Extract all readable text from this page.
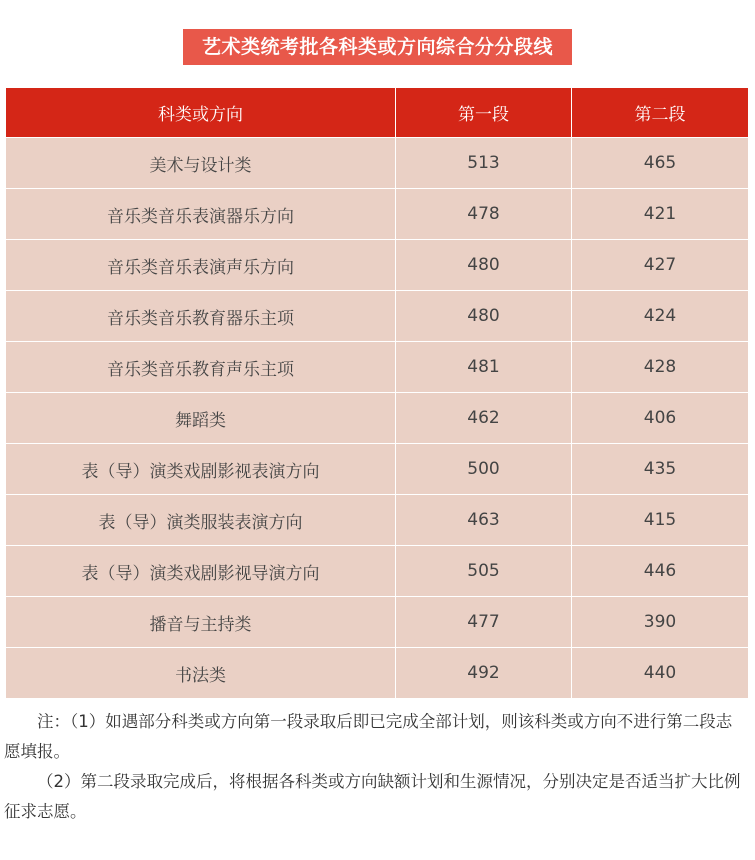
艺术类统考批各科类或方向综合分分段线
科类或方向	第一段	第二段
美术与设计类	513	465
音乐类音乐表演器乐方向	478	421
音乐类音乐表演声乐方向	480	427
音乐类音乐教育器乐主项	480	424
音乐类音乐教育声乐主项	481	428
舞蹈类	462	406
表（导）演类戏剧影视表演方向	500	435
表（导）演类服装表演方向	463	415
表（导）演类戏剧影视导演方向	505	446
播音与主持类	477	390
书法类	492	440

注：（1）如遇部分科类或方向第一段录取后即已完成全部计划，则该科类或方向不进行第二段志愿填报。

（2）第二段录取完成后，将根据各科类或方向缺额计划和生源情况，分别决定是否适当扩大比例征求志愿。
